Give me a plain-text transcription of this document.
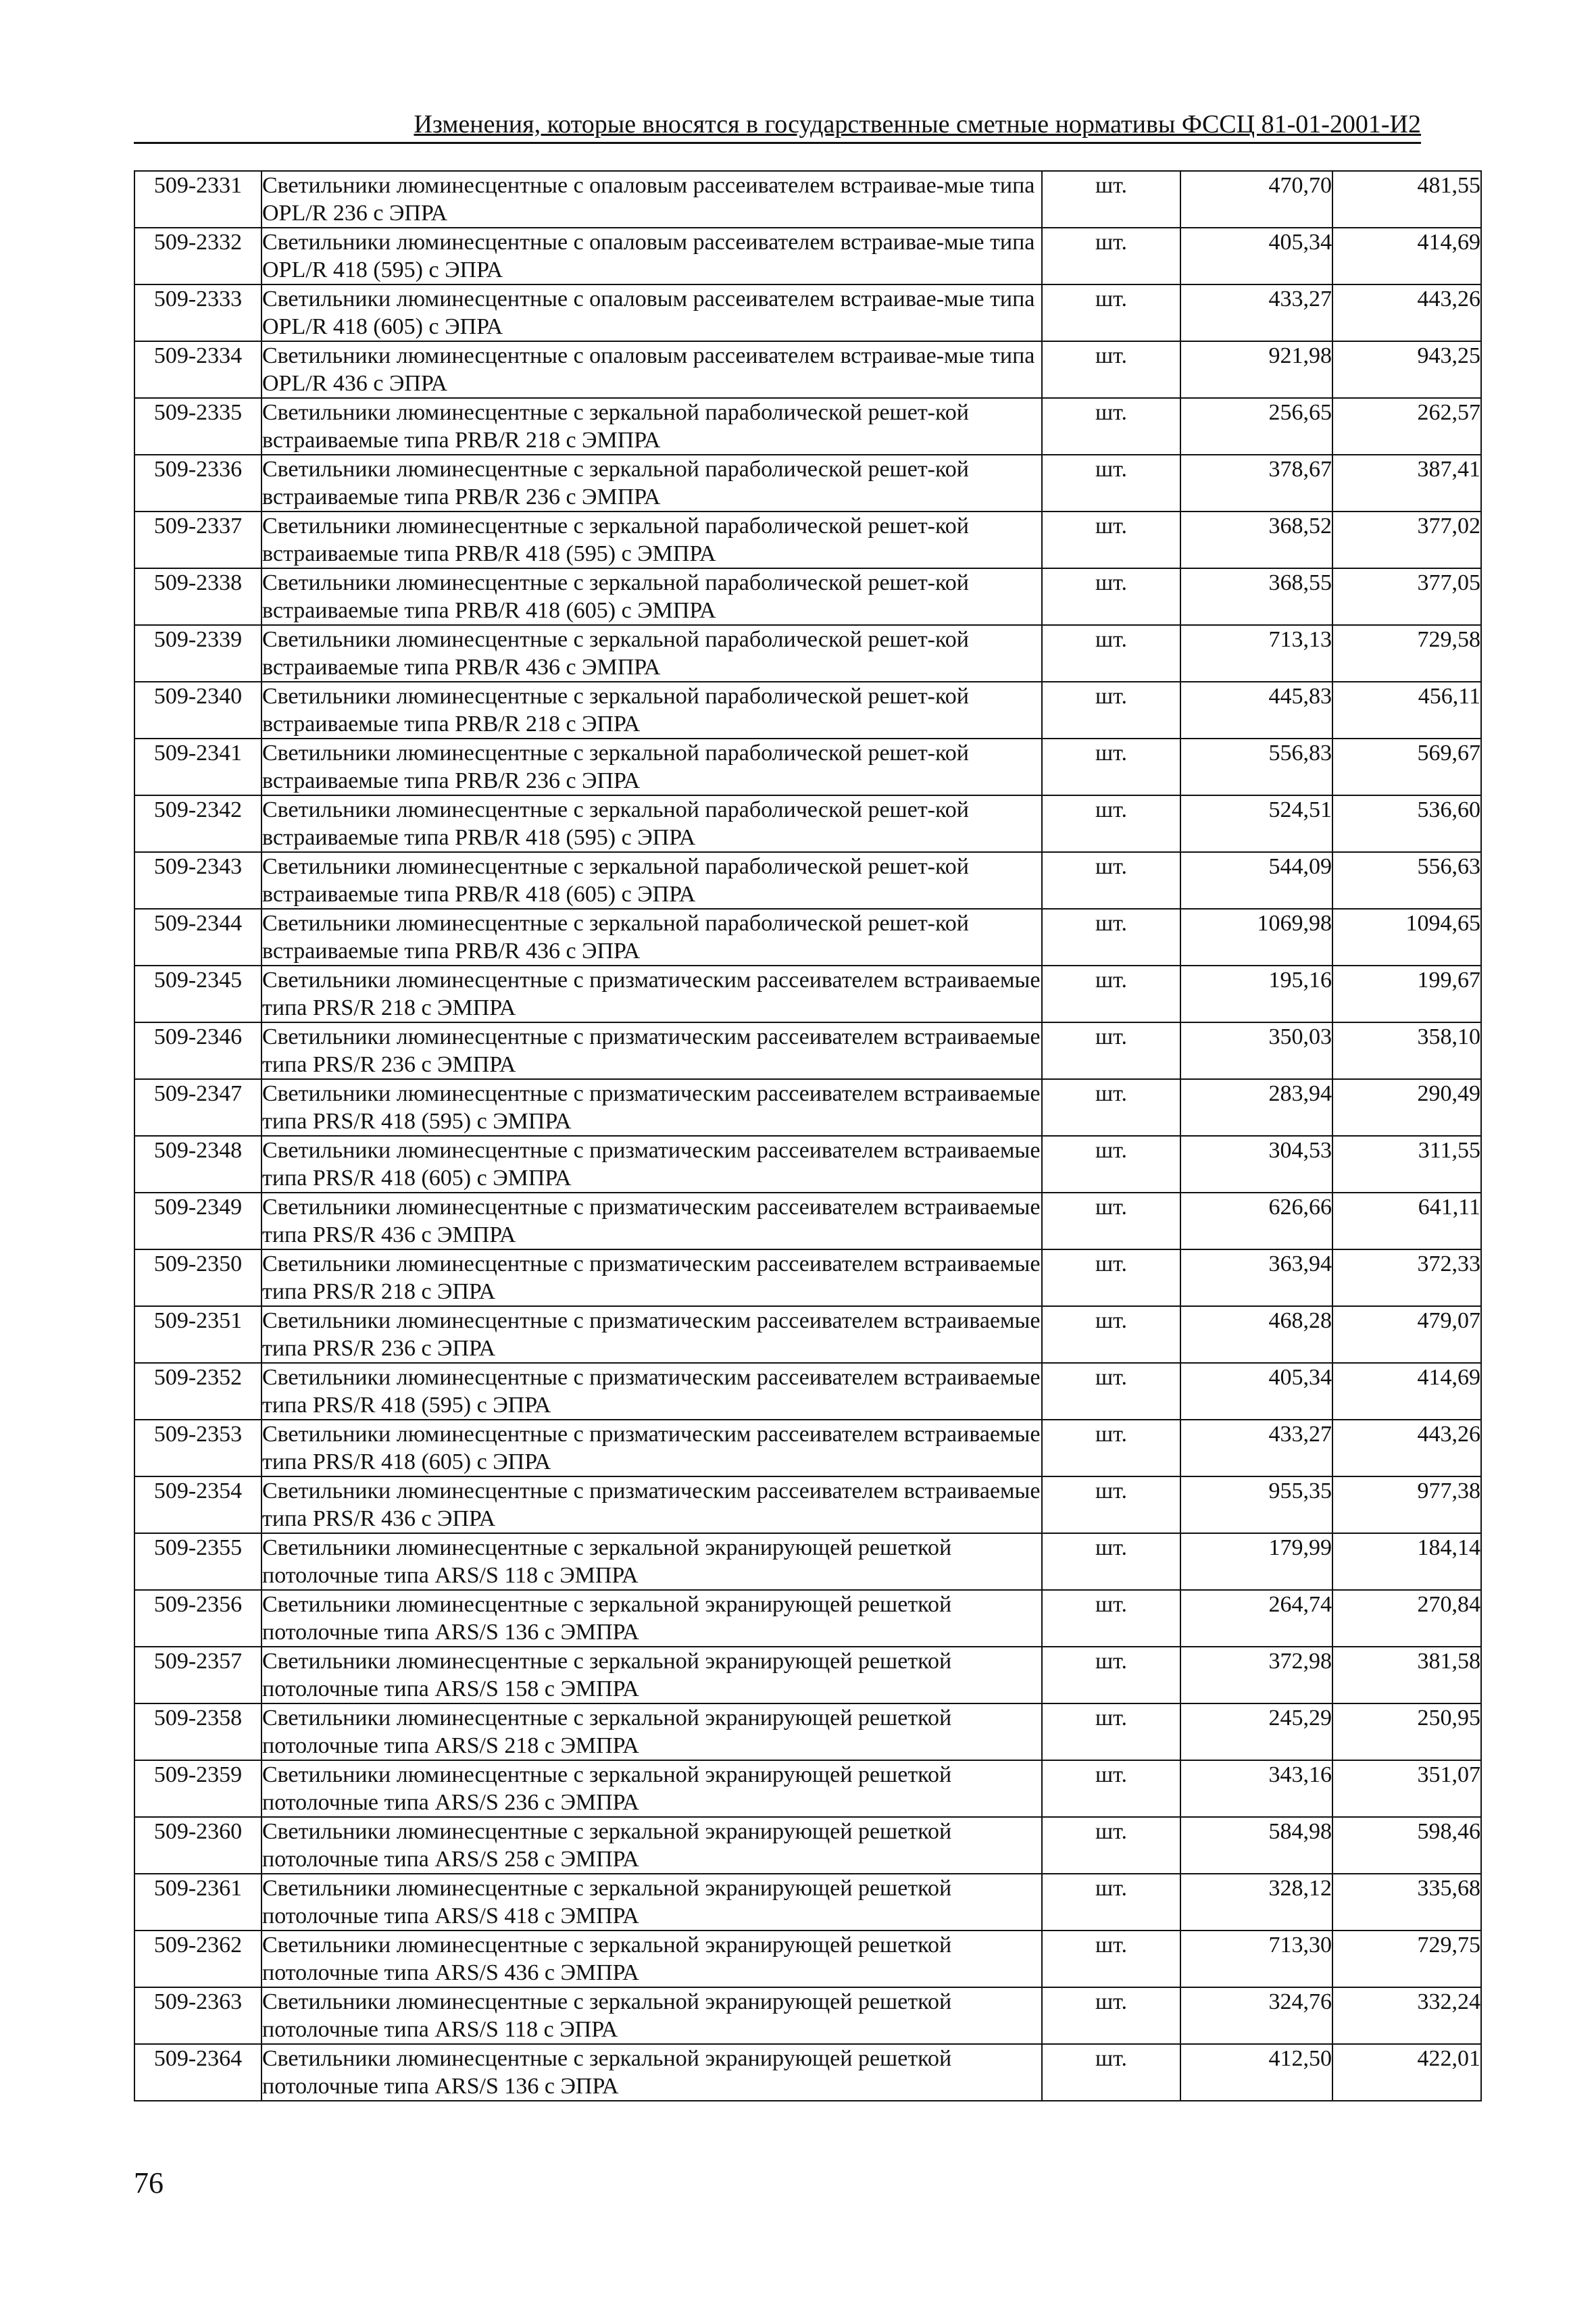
Изменения, которые вносятся в государственные сметные нормативы ФССЦ 81-01-2001-И2
509-2331	Светильники люминесцентные с опаловым рассеивателем встраивае-мые типа OPL/R 236 с ЭПРА	шт.	470,70	481,55
509-2332	Светильники люминесцентные с опаловым рассеивателем встраивае-мые типа OPL/R 418 (595) с ЭПРА	шт.	405,34	414,69
509-2333	Светильники люминесцентные с опаловым рассеивателем встраивае-мые типа OPL/R 418 (605) с ЭПРА	шт.	433,27	443,26
509-2334	Светильники люминесцентные с опаловым рассеивателем встраивае-мые типа OPL/R 436 с ЭПРА	шт.	921,98	943,25
509-2335	Светильники люминесцентные с зеркальной параболической решет-кой встраиваемые типа PRB/R 218 с ЭМПРА	шт.	256,65	262,57
509-2336	Светильники люминесцентные с зеркальной параболической решет-кой встраиваемые типа PRB/R 236 с ЭМПРА	шт.	378,67	387,41
509-2337	Светильники люминесцентные с зеркальной параболической решет-кой встраиваемые типа PRB/R 418 (595) с ЭМПРА	шт.	368,52	377,02
509-2338	Светильники люминесцентные с зеркальной параболической решет-кой встраиваемые типа PRB/R 418 (605) с ЭМПРА	шт.	368,55	377,05
509-2339	Светильники люминесцентные с зеркальной параболической решет-кой встраиваемые типа PRB/R 436 с ЭМПРА	шт.	713,13	729,58
509-2340	Светильники люминесцентные с зеркальной параболической решет-кой встраиваемые типа PRB/R 218 с ЭПРА	шт.	445,83	456,11
509-2341	Светильники люминесцентные с зеркальной параболической решет-кой встраиваемые типа PRB/R 236 с ЭПРА	шт.	556,83	569,67
509-2342	Светильники люминесцентные с зеркальной параболической решет-кой встраиваемые типа PRB/R 418 (595) с ЭПРА	шт.	524,51	536,60
509-2343	Светильники люминесцентные с зеркальной параболической решет-кой встраиваемые типа PRB/R 418 (605) с ЭПРА	шт.	544,09	556,63
509-2344	Светильники люминесцентные с зеркальной параболической решет-кой встраиваемые типа PRB/R 436 с ЭПРА	шт.	1069,98	1094,65
509-2345	Светильники люминесцентные с призматическим рассеивателем встраиваемые типа PRS/R 218 с ЭМПРА	шт.	195,16	199,67
509-2346	Светильники люминесцентные с призматическим рассеивателем встраиваемые типа PRS/R 236 с ЭМПРА	шт.	350,03	358,10
509-2347	Светильники люминесцентные с призматическим рассеивателем встраиваемые типа PRS/R 418 (595) с ЭМПРА	шт.	283,94	290,49
509-2348	Светильники люминесцентные с призматическим рассеивателем встраиваемые типа PRS/R 418 (605) с ЭМПРА	шт.	304,53	311,55
509-2349	Светильники люминесцентные с призматическим рассеивателем встраиваемые типа PRS/R 436 с ЭМПРА	шт.	626,66	641,11
509-2350	Светильники люминесцентные с призматическим рассеивателем встраиваемые типа PRS/R 218 с ЭПРА	шт.	363,94	372,33
509-2351	Светильники люминесцентные с призматическим рассеивателем встраиваемые типа PRS/R 236 с ЭПРА	шт.	468,28	479,07
509-2352	Светильники люминесцентные с призматическим рассеивателем встраиваемые типа PRS/R 418 (595) с ЭПРА	шт.	405,34	414,69
509-2353	Светильники люминесцентные с призматическим рассеивателем встраиваемые типа PRS/R 418 (605) с ЭПРА	шт.	433,27	443,26
509-2354	Светильники люминесцентные с призматическим рассеивателем встраиваемые типа PRS/R 436 с ЭПРА	шт.	955,35	977,38
509-2355	Светильники люминесцентные с зеркальной экранирующей решеткой потолочные типа ARS/S 118 с ЭМПРА	шт.	179,99	184,14
509-2356	Светильники люминесцентные с зеркальной экранирующей решеткой потолочные типа ARS/S 136 с ЭМПРА	шт.	264,74	270,84
509-2357	Светильники люминесцентные с зеркальной экранирующей решеткой потолочные типа ARS/S 158 с ЭМПРА	шт.	372,98	381,58
509-2358	Светильники люминесцентные с зеркальной экранирующей решеткой потолочные типа ARS/S 218 с ЭМПРА	шт.	245,29	250,95
509-2359	Светильники люминесцентные с зеркальной экранирующей решеткой потолочные типа ARS/S 236 с ЭМПРА	шт.	343,16	351,07
509-2360	Светильники люминесцентные с зеркальной экранирующей решеткой потолочные типа ARS/S 258 с ЭМПРА	шт.	584,98	598,46
509-2361	Светильники люминесцентные с зеркальной экранирующей решеткой потолочные типа ARS/S 418 с ЭМПРА	шт.	328,12	335,68
509-2362	Светильники люминесцентные с зеркальной экранирующей решеткой потолочные типа ARS/S 436 с ЭМПРА	шт.	713,30	729,75
509-2363	Светильники люминесцентные с зеркальной экранирующей решеткой потолочные типа ARS/S 118 с ЭПРА	шт.	324,76	332,24
509-2364	Светильники люминесцентные с зеркальной экранирующей решеткой потолочные типа ARS/S 136 с ЭПРА	шт.	412,50	422,01
76
